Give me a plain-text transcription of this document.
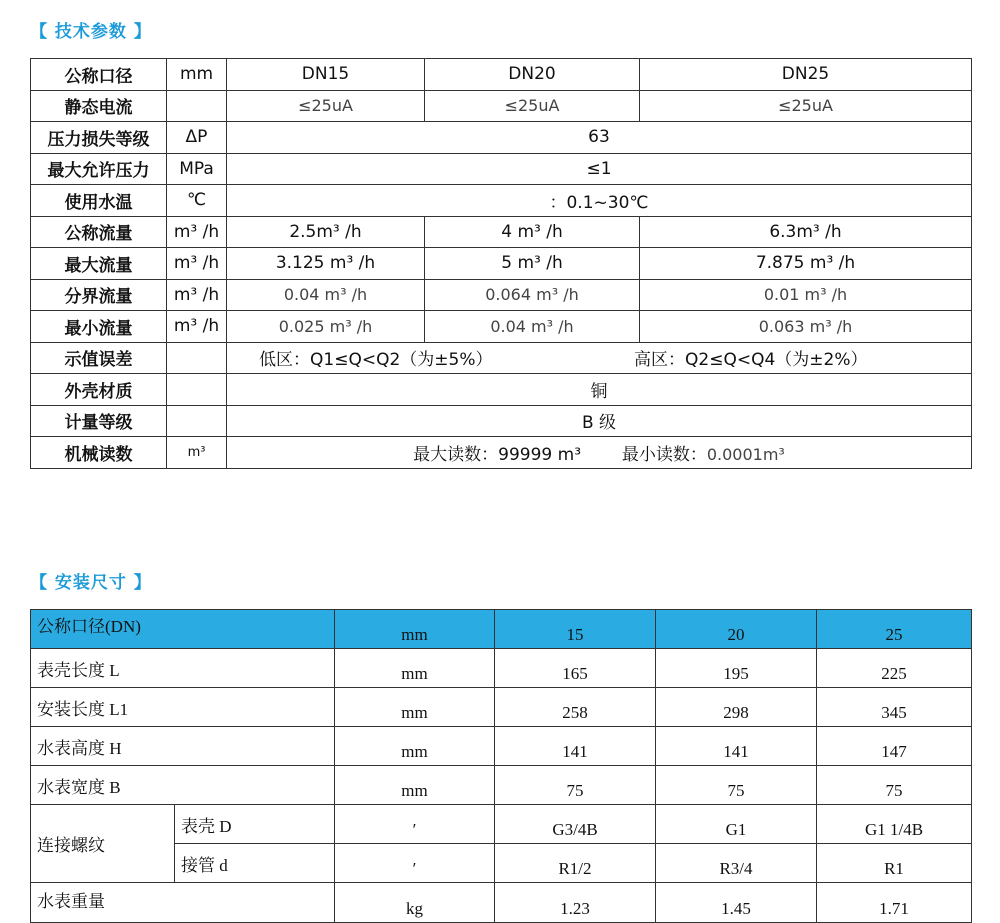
【 技术参数 】
公称口径	mm	DN15	DN20	DN25
静态电流		≤25uA	≤25uA	≤25uA
压力损失等级	ΔP	63		
最大允许压力	MPa	≤1		
使用水温	℃	：0.1~30℃		
公称流量	m³ /h	2.5m³ /h	4 m³ /h	6.3m³ /h
最大流量	m³ /h	3.125 m³ /h	5 m³ /h	7.875 m³ /h
分界流量	m³ /h	0.04 m³ /h	0.064 m³ /h	0.01 m³ /h
最小流量	m³ /h	0.025 m³ /h	0.04 m³ /h	0.063 m³ /h
示值误差		低区：Q1≤Q<Q2（为±5%） 高区：Q2≤Q<Q4（为±2%）		

外壳材质		铜		
计量等级		B 级		
机械读数	m³	最大读数：99999 m³ 最小读数：0.0001m³		
【 安装尺寸 】
公称口径(DN)		mm	15	20	25
表壳长度 L		mm	165	195	225
安装长度 L1		mm	258	298	345
水表高度 H		mm	141	141	147
水表宽度 B		mm	75	75	75
连接螺纹	表壳 D	′	G3/4B	G1	G1 1/4B
	接管 d	′	R1/2	R3/4	R1
水表重量		kg	1.23	1.45	1.71
